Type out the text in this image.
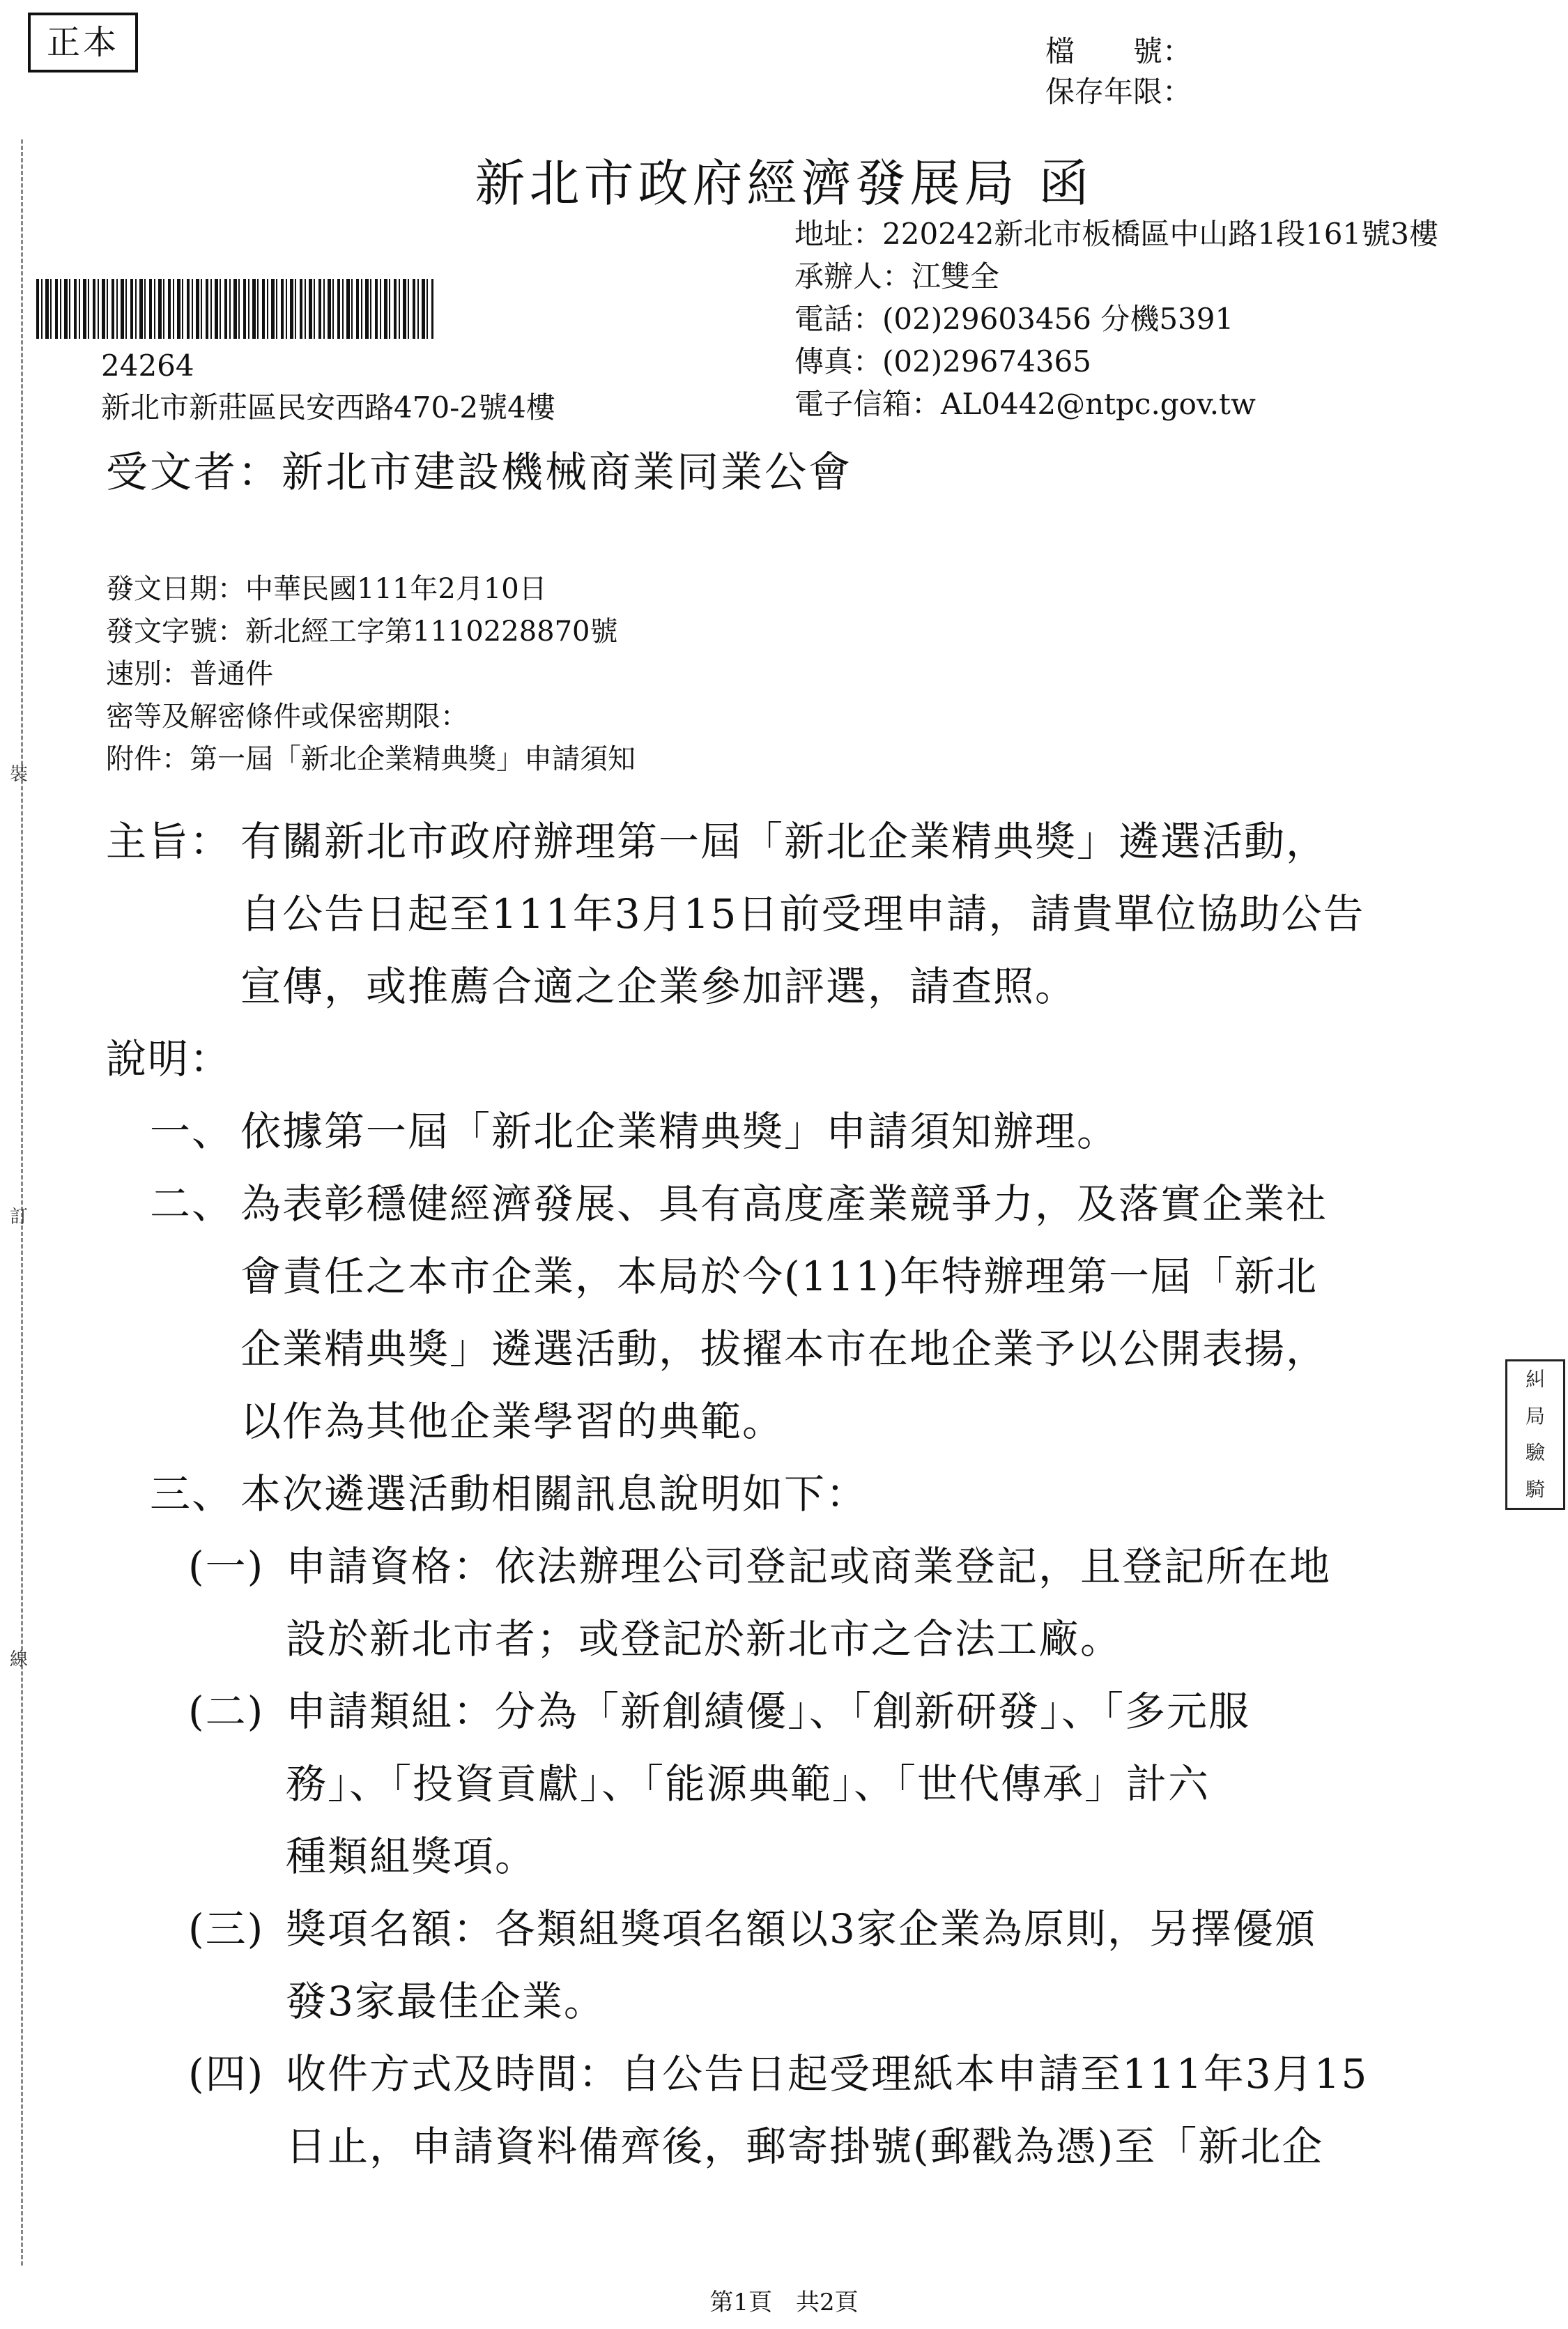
正本	檔　　號：
保存年限：
新北市政府經濟發展局 函
地址：220242新北市板橋區中山路1段161號3樓
承辦人：江雙全
電話：(02)29603456 分機5391
傳真：(02)29674365
電子信箱：AL0442@ntpc.gov.tw
24264
新北市新莊區民安西路470-2號4樓
受文者：新北市建設機械商業同業公會
發文日期：中華民國111年2月10日
發文字號：新北經工字第1110228870號
速別：普通件
密等及解密條件或保密期限：
附件：第一屆「新北企業精典獎」申請須知
裝
訂
線
主旨： 有關新北市政府辦理第一屆「新北企業精典獎」遴選活動，
自公告日起至111年3月15日前受理申請，請貴單位協助公告
宣傳，或推薦合適之企業參加評選，請查照。
說明：
一、 依據第一屆「新北企業精典獎」申請須知辦理。
二、 為表彰穩健經濟發展、具有高度產業競爭力，及落實企業社
會責任之本市企業，本局於今(111)年特辦理第一屆「新北
企業精典獎」遴選活動，拔擢本市在地企業予以公開表揚，
以作為其他企業學習的典範。
三、 本次遴選活動相關訊息說明如下：
(一) 申請資格：依法辦理公司登記或商業登記，且登記所在地
設於新北市者；或登記於新北市之合法工廠。
(二) 申請類組：分為「新創績優」、「創新研發」、「多元服
務」、「投資貢獻」、「能源典範」、「世代傳承」計六
種類組獎項。
(三) 獎項名額：各類組獎項名額以3家企業為原則，另擇優頒
發3家最佳企業。
(四) 收件方式及時間：自公告日起受理紙本申請至111年3月15
日止，申請資料備齊後，郵寄掛號(郵戳為憑)至「新北企
糾
局
驗
騎
第1頁　共2頁
